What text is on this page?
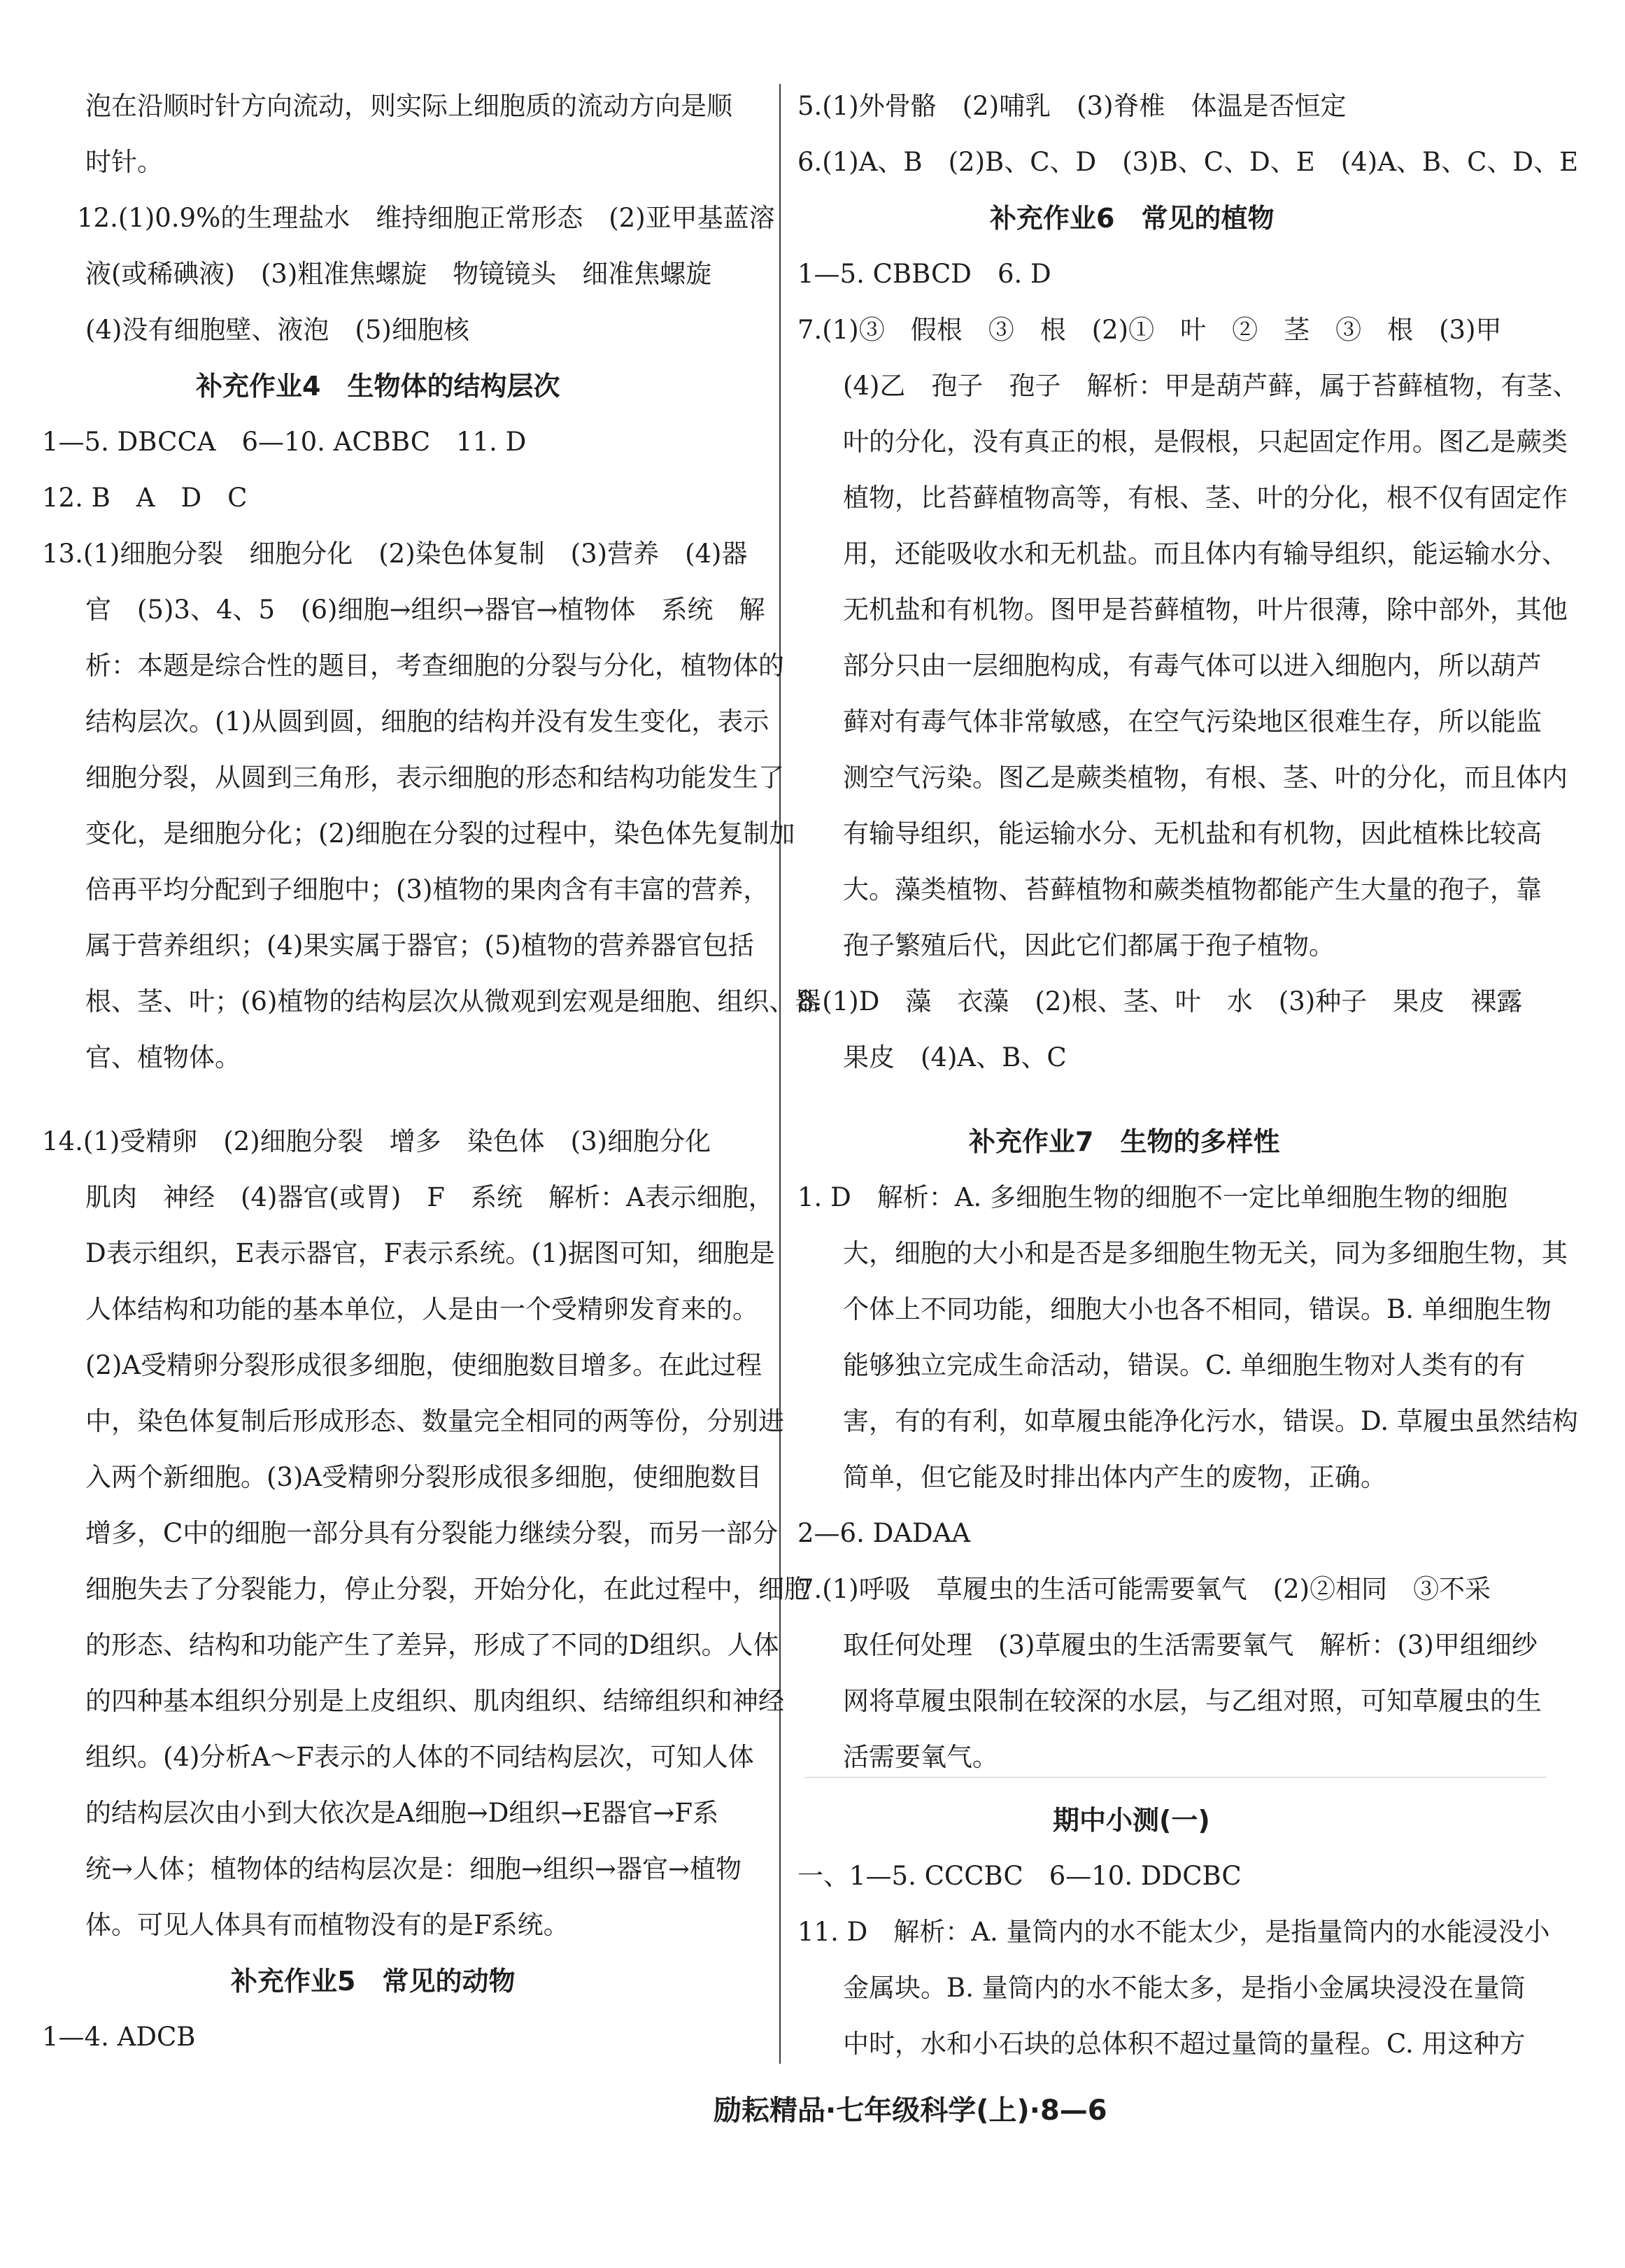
泡在沿顺时针方向流动，则实际上细胞质的流动方向是顺
时针。
12.(1)0.9%的生理盐水　维持细胞正常形态　(2)亚甲基蓝溶
液(或稀碘液)　(3)粗准焦螺旋　物镜镜头　细准焦螺旋
(4)没有细胞壁、液泡　(5)细胞核
补充作业4　生物体的结构层次
1—5. DBCCA　6—10. ACBBC　11. D
12. B　A　D　C
13.(1)细胞分裂　细胞分化　(2)染色体复制　(3)营养　(4)器
官　(5)3、4、5　(6)细胞→组织→器官→植物体　系统　解
析：本题是综合性的题目，考查细胞的分裂与分化，植物体的
结构层次。(1)从圆到圆，细胞的结构并没有发生变化，表示
细胞分裂，从圆到三角形，表示细胞的形态和结构功能发生了
变化，是细胞分化；(2)细胞在分裂的过程中，染色体先复制加
倍再平均分配到子细胞中；(3)植物的果肉含有丰富的营养，
属于营养组织；(4)果实属于器官；(5)植物的营养器官包括
根、茎、叶；(6)植物的结构层次从微观到宏观是细胞、组织、器
官、植物体。
14.(1)受精卵　(2)细胞分裂　增多　染色体　(3)细胞分化
肌肉　神经　(4)器官(或胃)　F　系统　解析：A表示细胞，
D表示组织，E表示器官，F表示系统。(1)据图可知，细胞是
人体结构和功能的基本单位，人是由一个受精卵发育来的。
(2)A受精卵分裂形成很多细胞，使细胞数目增多。在此过程
中，染色体复制后形成形态、数量完全相同的两等份，分别进
入两个新细胞。(3)A受精卵分裂形成很多细胞，使细胞数目
增多，C中的细胞一部分具有分裂能力继续分裂，而另一部分
细胞失去了分裂能力，停止分裂，开始分化，在此过程中，细胞
的形态、结构和功能产生了差异，形成了不同的D组织。人体
的四种基本组织分别是上皮组织、肌肉组织、结缔组织和神经
组织。(4)分析A～F表示的人体的不同结构层次，可知人体
的结构层次由小到大依次是A细胞→D组织→E器官→F系
统→人体；植物体的结构层次是：细胞→组织→器官→植物
体。可见人体具有而植物没有的是F系统。
补充作业5　常见的动物
1—4. ADCB
5.(1)外骨骼　(2)哺乳　(3)脊椎　体温是否恒定
6.(1)A、B　(2)B、C、D　(3)B、C、D、E　(4)A、B、C、D、E
补充作业6　常见的植物
1—5. CBBCD　6. D
7.(1)③　假根　③　根　(2)①　叶　②　茎　③　根　(3)甲
(4)乙　孢子　孢子　解析：甲是葫芦藓，属于苔藓植物，有茎、
叶的分化，没有真正的根，是假根，只起固定作用。图乙是蕨类
植物，比苔藓植物高等，有根、茎、叶的分化，根不仅有固定作
用，还能吸收水和无机盐。而且体内有输导组织，能运输水分、
无机盐和有机物。图甲是苔藓植物，叶片很薄，除中部外，其他
部分只由一层细胞构成，有毒气体可以进入细胞内，所以葫芦
藓对有毒气体非常敏感，在空气污染地区很难生存，所以能监
测空气污染。图乙是蕨类植物，有根、茎、叶的分化，而且体内
有输导组织，能运输水分、无机盐和有机物，因此植株比较高
大。藻类植物、苔藓植物和蕨类植物都能产生大量的孢子，靠
孢子繁殖后代，因此它们都属于孢子植物。
8.(1)D　藻　衣藻　(2)根、茎、叶　水　(3)种子　果皮　裸露
果皮　(4)A、B、C
补充作业7　生物的多样性
1. D　解析：A. 多细胞生物的细胞不一定比单细胞生物的细胞
大，细胞的大小和是否是多细胞生物无关，同为多细胞生物，其
个体上不同功能，细胞大小也各不相同，错误。B. 单细胞生物
能够独立完成生命活动，错误。C. 单细胞生物对人类有的有
害，有的有利，如草履虫能净化污水，错误。D. 草履虫虽然结构
简单，但它能及时排出体内产生的废物，正确。
2—6. DADAA
7.(1)呼吸　草履虫的生活可能需要氧气　(2)②相同　③不采
取任何处理　(3)草履虫的生活需要氧气　解析：(3)甲组细纱
网将草履虫限制在较深的水层，与乙组对照，可知草履虫的生
活需要氧气。
期中小测(一)
一、1—5. CCCBC　6—10. DDCBC
11. D　解析：A. 量筒内的水不能太少，是指量筒内的水能浸没小
金属块。B. 量筒内的水不能太多，是指小金属块浸没在量筒
中时，水和小石块的总体积不超过量筒的量程。C. 用这种方
励耘精品·七年级科学(上)·8—6
